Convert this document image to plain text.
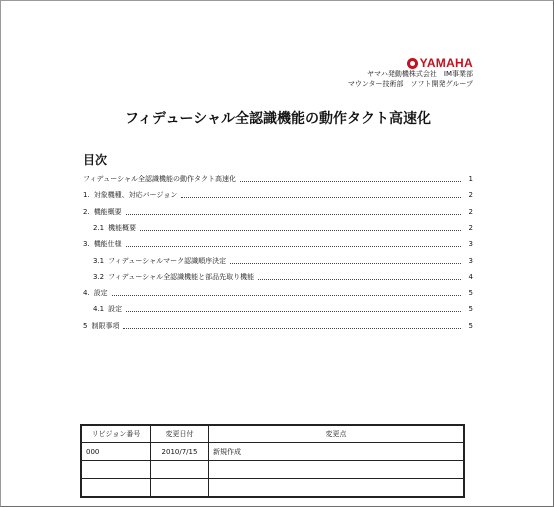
YAMAHA
ヤマハ発動機株式会社　IM事業部
マウンター技術部　ソフト開発グループ
フィデューシャル全認識機能の動作タクト高速化
目次
フィデューシャル全認識機能の動作タクト高速化	1
1. 対象機種、対応バージョン	2
2. 機能概要	2
2.1 機能概要	2
3. 機能仕様	3
3.1 フィデューシャルマーク認識順序決定	3
3.2 フィデューシャル全認識機能と部品先取り機能	4
4. 設定	5
4.1 設定	5
5 制限事項	5
リビジョン番号	変更日付	変更点
000	2010/7/15	新規作成
